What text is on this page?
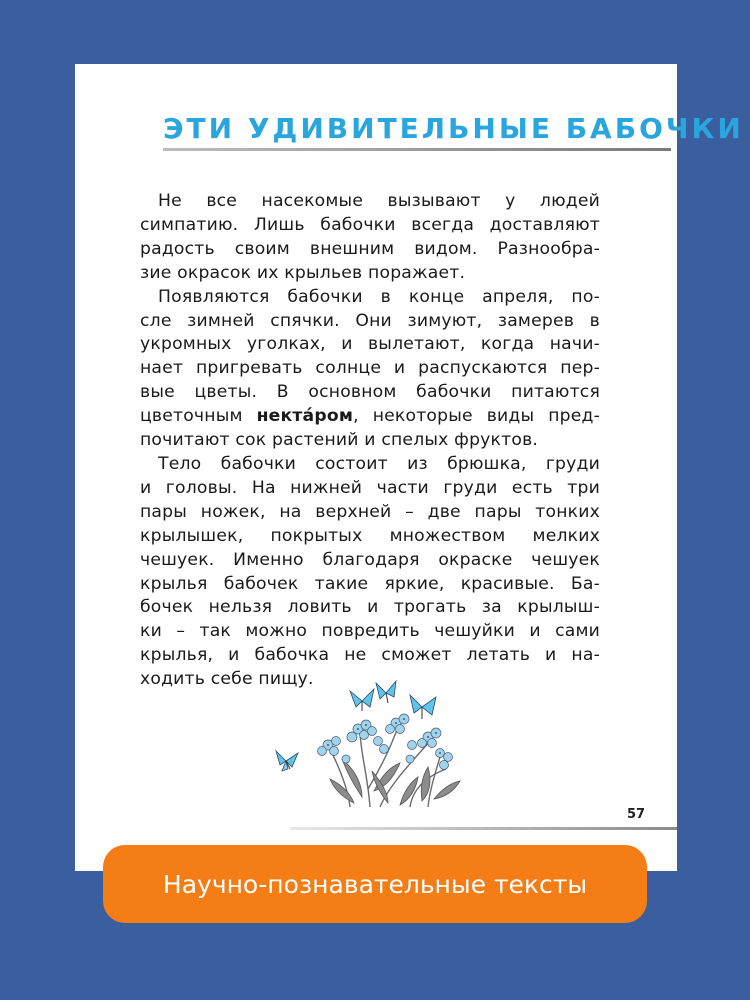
ЭТИ УДИВИТЕЛЬНЫЕ БАБОЧКИ
Не все насекомые вызывают у людей
симпатию. Лишь бабочки всегда доставляют
радость своим внешним видом. Разнообра-
зие окрасок их крыльев поражает.
Появляются бабочки в конце апреля, по-
сле зимней спячки. Они зимуют, замерев в
укромных уголках, и вылетают, когда начи-
нает пригревать солнце и распускаются пер-
вые цветы. В основном бабочки питаются
цветочным нектáром, некоторые виды пред-
почитают сок растений и спелых фруктов.
Тело бабочки состоит из брюшка, груди
и головы. На нижней части груди есть три
пары ножек, на верхней – две пары тонких
крылышек, покрытых множеством мелких
чешуек. Именно благодаря окраске чешуек
крылья бабочек такие яркие, красивые. Ба-
бочек нельзя ловить и трогать за крылыш-
ки – так можно повредить чешуйки и сами
крылья, и бабочка не сможет летать и на-
ходить себе пищу.
57
Научно-познавательные тексты
